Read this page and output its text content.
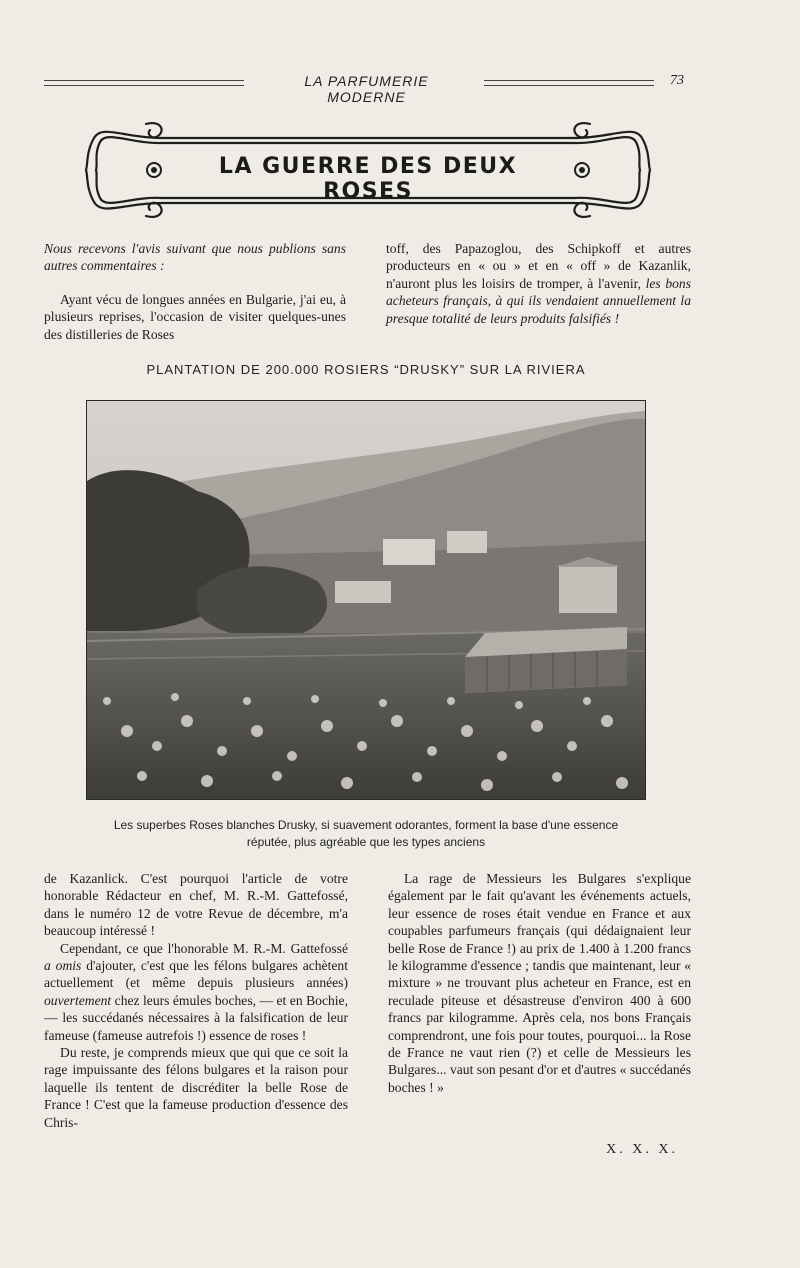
LA PARFUMERIE MODERNE
73
LA GUERRE DES DEUX ROSES

Nous recevons l'avis suivant que nous publions sans autres commentaires :

Ayant vécu de longues années en Bulgarie, j'ai eu, à plusieurs reprises, l'occasion de visiter quelques-unes des distilleries de Roses

toff, des Papazoglou, des Schipkoff et autres producteurs en « ou » et en « off » de Kazanlik, n'auront plus les loisirs de tromper, à l'avenir, les bons acheteurs français, à qui ils vendaient annuellement la presque totalité de leurs produits falsifiés !

PLANTATION DE 200.000 ROSIERS “DRUSKY” SUR LA RIVIERA
Les superbes Roses blanches Drusky, si suavement odorantes, forment la base d'une essence réputée, plus agréable que les types anciens

de Kazanlick. C'est pourquoi l'article de votre honorable Rédacteur en chef, M. R.-M. Gattefossé, dans le numéro 12 de votre Revue de décembre, m'a beaucoup intéressé !

Cependant, ce que l'honorable M. R.-M. Gattefossé a omis d'ajouter, c'est que les félons bulgares achètent actuellement (et même depuis plusieurs années) ouvertement chez leurs émules boches, — et en Bochie, — les succédanés nécessaires à la falsification de leur fameuse (fameuse autrefois !) essence de roses !

Du reste, je comprends mieux que qui que ce soit la rage impuissante des félons bulgares et la raison pour laquelle ils tentent de discréditer la belle Rose de France ! C'est que la fameuse production d'essence des Chris-

La rage de Messieurs les Bulgares s'explique également par le fait qu'avant les événements actuels, leur essence de roses était vendue en France et aux coupables parfumeurs français (qui dédaignaient leur belle Rose de France !) au prix de 1.400 à 1.200 francs le kilogramme d'essence ; tandis que maintenant, leur « mixture » ne trouvant plus acheteur en France, est en reculade piteuse et désastreuse d'environ 400 à 600 francs par kilogramme. Après cela, nos bons Français comprendront, une fois pour toutes, pourquoi... la Rose de France ne vaut rien (?) et celle de Messieurs les Bulgares... vaut son pesant d'or et d'autres « succédanés boches ! »

X. X. X.
